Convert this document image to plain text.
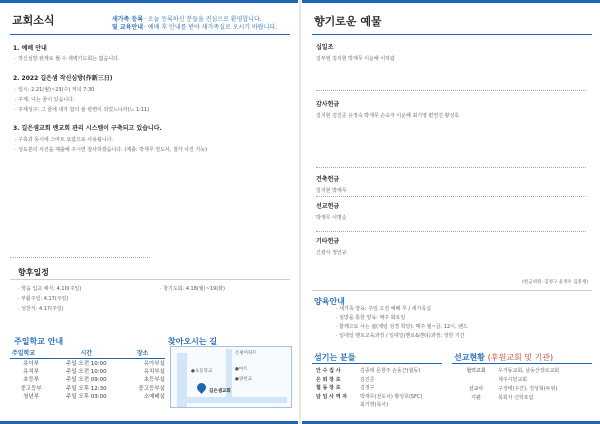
교회소식	새가족 등록
및 교육안내
· 오늘 등록하신 분들을 진심으로 환영합니다.
· 예배 후 안내를 받아 새가족실로 오시기 바랍니다.
1. 예배 안내
· 작신심방 관계로 월·수 새벽기도회는 없습니다.
2. 2022 길은샘 작신심방(作新三日)
· 일시: 2.21(월)~23(수) 저녁 7:30
· 주제: 나는 꿈이 있습니다.
· 주제성구: 그 꿈에 내가 함의 율 관련이 되었느니라(느 1:11)
3. 길은샘교회 멘교회 관리 시스템이 구축되고 있습니다.
· 구축과 동시에 스마트 요람으로 사용됩니다.
· 성도분의 사진을 제출해 주시면 감사하겠습니다. (제출: 박재무 전도사, 철가 사진 가능)
향후일정
· 학습 입교 예식: 4.10(주일)
· 부활주일: 4.17(주일)
· 성찬식: 4.17(주일)
· 창기도회: 4.18(월)~19(화)
주일학교 안내
주일학교	시간	장소
유아부	주일 오전 10:00	유아부실
유치부	주일 오전 10:00	유치부실
초등부	주일 오전 09:00	초등부실
중고등부	주일 오후 12:30	중고등부실
청년부	주일 오후 03:00	소예배실
찾아오시는 길
은평아파트
●마트
●양천교
●초등학교
길은샘교회
향기로운 예물
십일조
김부영 김지현 박재무 이운해 이하람
감사헌금
김지현 김진준 유정숙 박재무 손숙자 이운해 최기영 편연진 황성호
건축헌금
김지현 박재무
선교헌금
박재무 이명순
기타헌금
신광식 정인규
(헌금위원: 김정구 윤정수 김총재)
양육안내
· 새가족 양육: 주일 오전 예배 후 / 새가족실
· 심방을 통한 양육: 매주 화요일
· 함께으로 사는 삶(제임 성경 학당): 매주 월~금, 12시, 밴드
· 일대일 멘토교육과정 / 일대일(멘토&멘티)과정: 정한 기간
섬기는 분들
안 수 집 사	김종태 문창주 손동근(협동)
은 퇴 장 로	김진준
협 동 장 로	김정구
담 임 사 역 자	박재무(전도사) 황성호(SFC)
최기영(목사)
선교현황 (후원교회 및 기관)
협력교회	우거동교회, 남동산장로교회
제주시민교회
선교사	구성태(우간), 정성혁(두위)
기관	목회자 신학포럼
